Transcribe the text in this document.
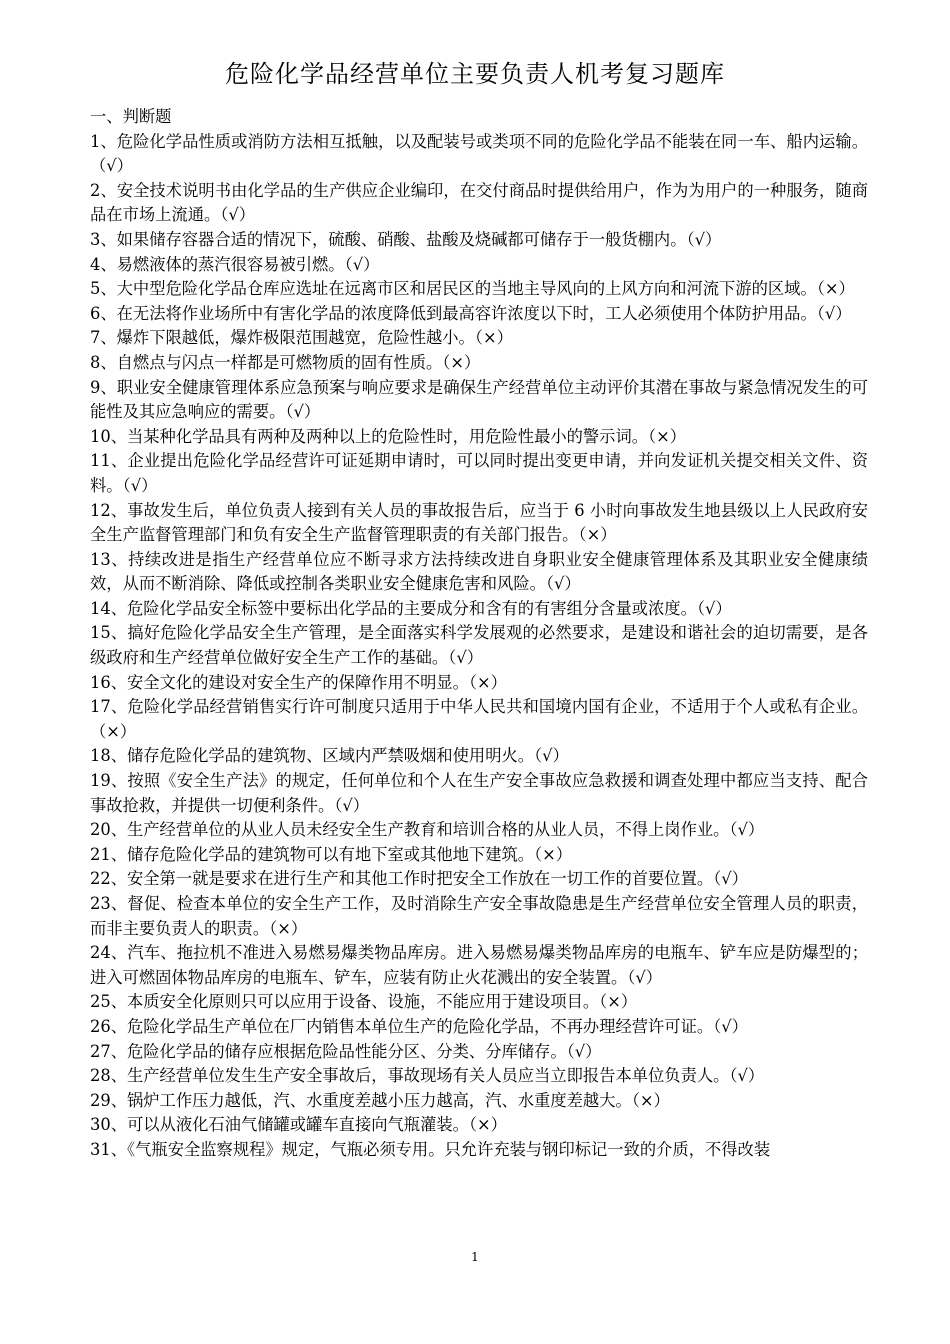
危险化学品经营单位主要负责人机考复习题库

一、判断题

1、危险化学品性质或消防方法相互抵触，以及配装号或类项不同的危险化学品不能装在同一车、船内运输。（√）

2、安全技术说明书由化学品的生产供应企业编印，在交付商品时提供给用户，作为为用户的一种服务，随商品在市场上流通。（√）

3、如果储存容器合适的情况下，硫酸、硝酸、盐酸及烧碱都可储存于一般货棚内。（√）

4、易燃液体的蒸汽很容易被引燃。（√）

5、大中型危险化学品仓库应选址在远离市区和居民区的当地主导风向的上风方向和河流下游的区域。（×）

6、在无法将作业场所中有害化学品的浓度降低到最高容许浓度以下时，工人必须使用个体防护用品。（√）

7、爆炸下限越低，爆炸极限范围越宽，危险性越小。（×）

8、自燃点与闪点一样都是可燃物质的固有性质。（×）

9、职业安全健康管理体系应急预案与响应要求是确保生产经营单位主动评价其潜在事故与紧急情况发生的可能性及其应急响应的需要。（√）

10、当某种化学品具有两种及两种以上的危险性时，用危险性最小的警示词。（×）

11、企业提出危险化学品经营许可证延期申请时，可以同时提出变更申请，并向发证机关提交相关文件、资料。（√）

12、事故发生后，单位负责人接到有关人员的事故报告后，应当于 6 小时向事故发生地县级以上人民政府安全生产监督管理部门和负有安全生产监督管理职责的有关部门报告。（×）

13、持续改进是指生产经营单位应不断寻求方法持续改进自身职业安全健康管理体系及其职业安全健康绩效，从而不断消除、降低或控制各类职业安全健康危害和风险。（√）

14、危险化学品安全标签中要标出化学品的主要成分和含有的有害组分含量或浓度。（√）

15、搞好危险化学品安全生产管理，是全面落实科学发展观的必然要求，是建设和谐社会的迫切需要，是各级政府和生产经营单位做好安全生产工作的基础。（√）

16、安全文化的建设对安全生产的保障作用不明显。（×）

17、危险化学品经营销售实行许可制度只适用于中华人民共和国境内国有企业，不适用于个人或私有企业。（×）

18、储存危险化学品的建筑物、区域内严禁吸烟和使用明火。（√）

19、按照《安全生产法》的规定，任何单位和个人在生产安全事故应急救援和调查处理中都应当支持、配合事故抢救，并提供一切便利条件。（√）

20、生产经营单位的从业人员未经安全生产教育和培训合格的从业人员，不得上岗作业。（√）

21、储存危险化学品的建筑物可以有地下室或其他地下建筑。（×）

22、安全第一就是要求在进行生产和其他工作时把安全工作放在一切工作的首要位置。（√）

23、督促、检查本单位的安全生产工作，及时消除生产安全事故隐患是生产经营单位安全管理人员的职责，而非主要负责人的职责。（×）

24、汽车、拖拉机不准进入易燃易爆类物品库房。进入易燃易爆类物品库房的电瓶车、铲车应是防爆型的；进入可燃固体物品库房的电瓶车、铲车，应装有防止火花溅出的安全装置。（√）

25、本质安全化原则只可以应用于设备、设施，不能应用于建设项目。（×）

26、危险化学品生产单位在厂内销售本单位生产的危险化学品，不再办理经营许可证。（√）

27、危险化学品的储存应根据危险品性能分区、分类、分库储存。（√）

28、生产经营单位发生生产安全事故后，事故现场有关人员应当立即报告本单位负责人。（√）

29、锅炉工作压力越低，汽、水重度差越小压力越高，汽、水重度差越大。（×）

30、可以从液化石油气储罐或罐车直接向气瓶灌装。（×）

31、《气瓶安全监察规程》规定，气瓶必须专用。只允许充装与钢印标记一致的介质，不得改装

1
